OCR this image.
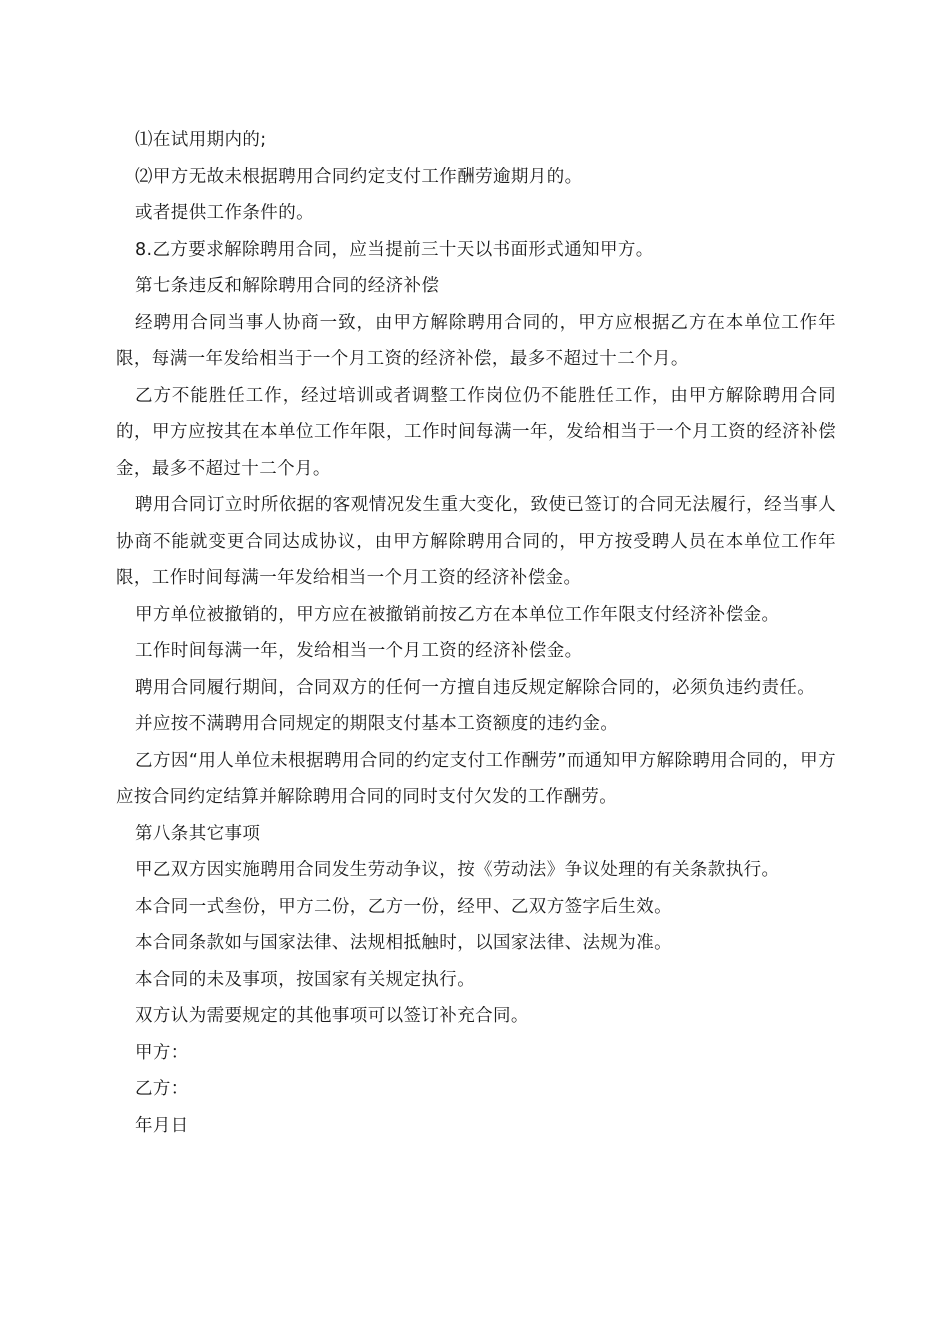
⑴在试用期内的;

⑵甲方无故未根据聘用合同约定支付工作酬劳逾期月的。

或者提供工作条件的。

8.乙方要求解除聘用合同，应当提前三十天以书面形式通知甲方。

第七条违反和解除聘用合同的经济补偿

经聘用合同当事人协商一致，由甲方解除聘用合同的，甲方应根据乙方在本单位工作年限，每满一年发给相当于一个月工资的经济补偿，最多不超过十二个月。

乙方不能胜任工作，经过培训或者调整工作岗位仍不能胜任工作，由甲方解除聘用合同的，甲方应按其在本单位工作年限，工作时间每满一年，发给相当于一个月工资的经济补偿金，最多不超过十二个月。

聘用合同订立时所依据的客观情况发生重大变化，致使已签订的合同无法履行，经当事人协商不能就变更合同达成协议，由甲方解除聘用合同的，甲方按受聘人员在本单位工作年限，工作时间每满一年发给相当一个月工资的经济补偿金。

甲方单位被撤销的，甲方应在被撤销前按乙方在本单位工作年限支付经济补偿金。

工作时间每满一年，发给相当一个月工资的经济补偿金。

聘用合同履行期间，合同双方的任何一方擅自违反规定解除合同的，必须负违约责任。

并应按不满聘用合同规定的期限支付基本工资额度的违约金。

乙方因“用人单位未根据聘用合同的约定支付工作酬劳”而通知甲方解除聘用合同的，甲方应按合同约定结算并解除聘用合同的同时支付欠发的工作酬劳。

第八条其它事项

甲乙双方因实施聘用合同发生劳动争议，按《劳动法》争议处理的有关条款执行。

本合同一式叁份，甲方二份，乙方一份，经甲、乙双方签字后生效。

本合同条款如与国家法律、法规相抵触时，以国家法律、法规为准。

本合同的未及事项，按国家有关规定执行。

双方认为需要规定的其他事项可以签订补充合同。

甲方：

乙方：

年月日
